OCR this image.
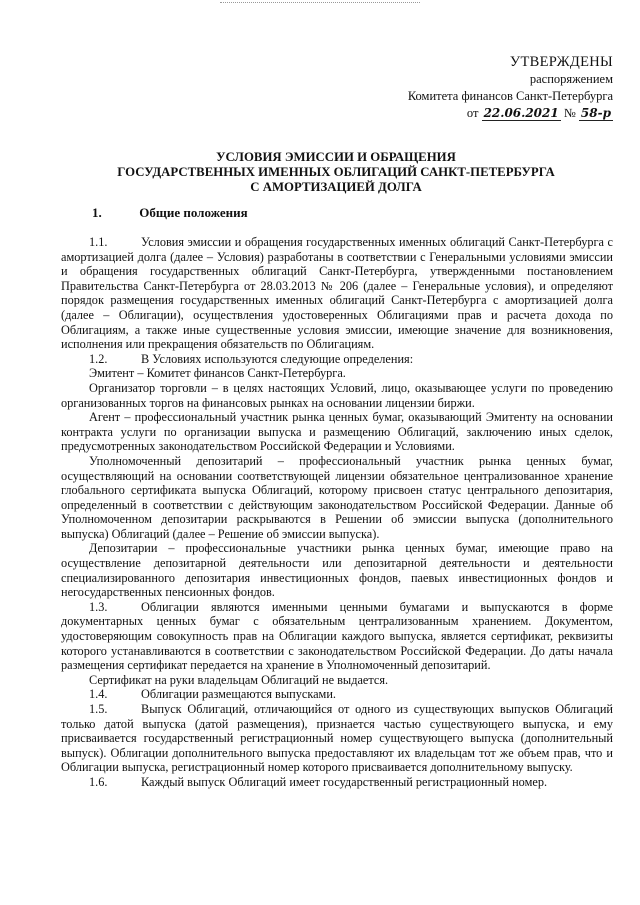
УТВЕРЖДЕНЫ
распоряжением
Комитета финансов Санкт-Петербурга
от 22.06.2021 № 58-р
УСЛОВИЯ ЭМИССИИ И ОБРАЩЕНИЯ
ГОСУДАРСТВЕННЫХ ИМЕННЫХ ОБЛИГАЦИЙ САНКТ-ПЕТЕРБУРГА
С АМОРТИЗАЦИЕЙ ДОЛГА
1.	Общие положения

1.1.	Условия эмиссии и обращения государственных именных облигаций Санкт-Петербурга с амортизацией долга (далее – Условия) разработаны в соответствии с Генеральными условиями эмиссии и обращения государственных облигаций Санкт-Петербурга, утвержденными постановлением Правительства Санкт-Петербурга от 28.03.2013 № 206 (далее – Генеральные условия), и определяют порядок размещения государственных именных облигаций Санкт-Петербурга с амортизацией долга (далее – Облигации), осуществления удостоверенных Облигациями прав и расчета дохода по Облигациям, а также иные существенные условия эмиссии, имеющие значение для возникновения, исполнения или прекращения обязательств по Облигациям.

1.2.	В Условиях используются следующие определения:

Эмитент – Комитет финансов Санкт-Петербурга.

Организатор торговли – в целях настоящих Условий, лицо, оказывающее услуги по проведению организованных торгов на финансовых рынках на основании лицензии биржи.

Агент – профессиональный участник рынка ценных бумаг, оказывающий Эмитенту на основании контракта услуги по организации выпуска и размещению Облигаций, заключению иных сделок, предусмотренных законодательством Российской Федерации и Условиями.

Уполномоченный депозитарий – профессиональный участник рынка ценных бумаг, осуществляющий на основании соответствующей лицензии обязательное централизованное хранение глобального сертификата выпуска Облигаций, которому присвоен статус центрального депозитария, определенный в соответствии с действующим законодательством Российской Федерации. Данные об Уполномоченном депозитарии раскрываются в Решении об эмиссии выпуска (дополнительного выпуска) Облигаций (далее – Решение об эмиссии выпуска).

Депозитарии – профессиональные участники рынка ценных бумаг, имеющие право на осуществление депозитарной деятельности или депозитарной деятельности и деятельности специализированного депозитария инвестиционных фондов, паевых инвестиционных фондов и негосударственных пенсионных фондов.

1.3.	Облигации являются именными ценными бумагами и выпускаются в форме документарных ценных бумаг с обязательным централизованным хранением. Документом, удостоверяющим совокупность прав на Облигации каждого выпуска, является сертификат, реквизиты которого устанавливаются в соответствии с законодательством Российской Федерации. До даты начала размещения сертификат передается на хранение в Уполномоченный депозитарий.

Сертификат на руки владельцам Облигаций не выдается.

1.4.	Облигации размещаются выпусками.

1.5.	Выпуск Облигаций, отличающийся от одного из существующих выпусков Облигаций только датой выпуска (датой размещения), признается частью существующего выпуска, и ему присваивается государственный регистрационный номер существующего выпуска (дополнительный выпуск). Облигации дополнительного выпуска предоставляют их владельцам тот же объем прав, что и Облигации выпуска, регистрационный номер которого присваивается дополнительному выпуску.

1.6.	Каждый выпуск Облигаций имеет государственный регистрационный номер.
